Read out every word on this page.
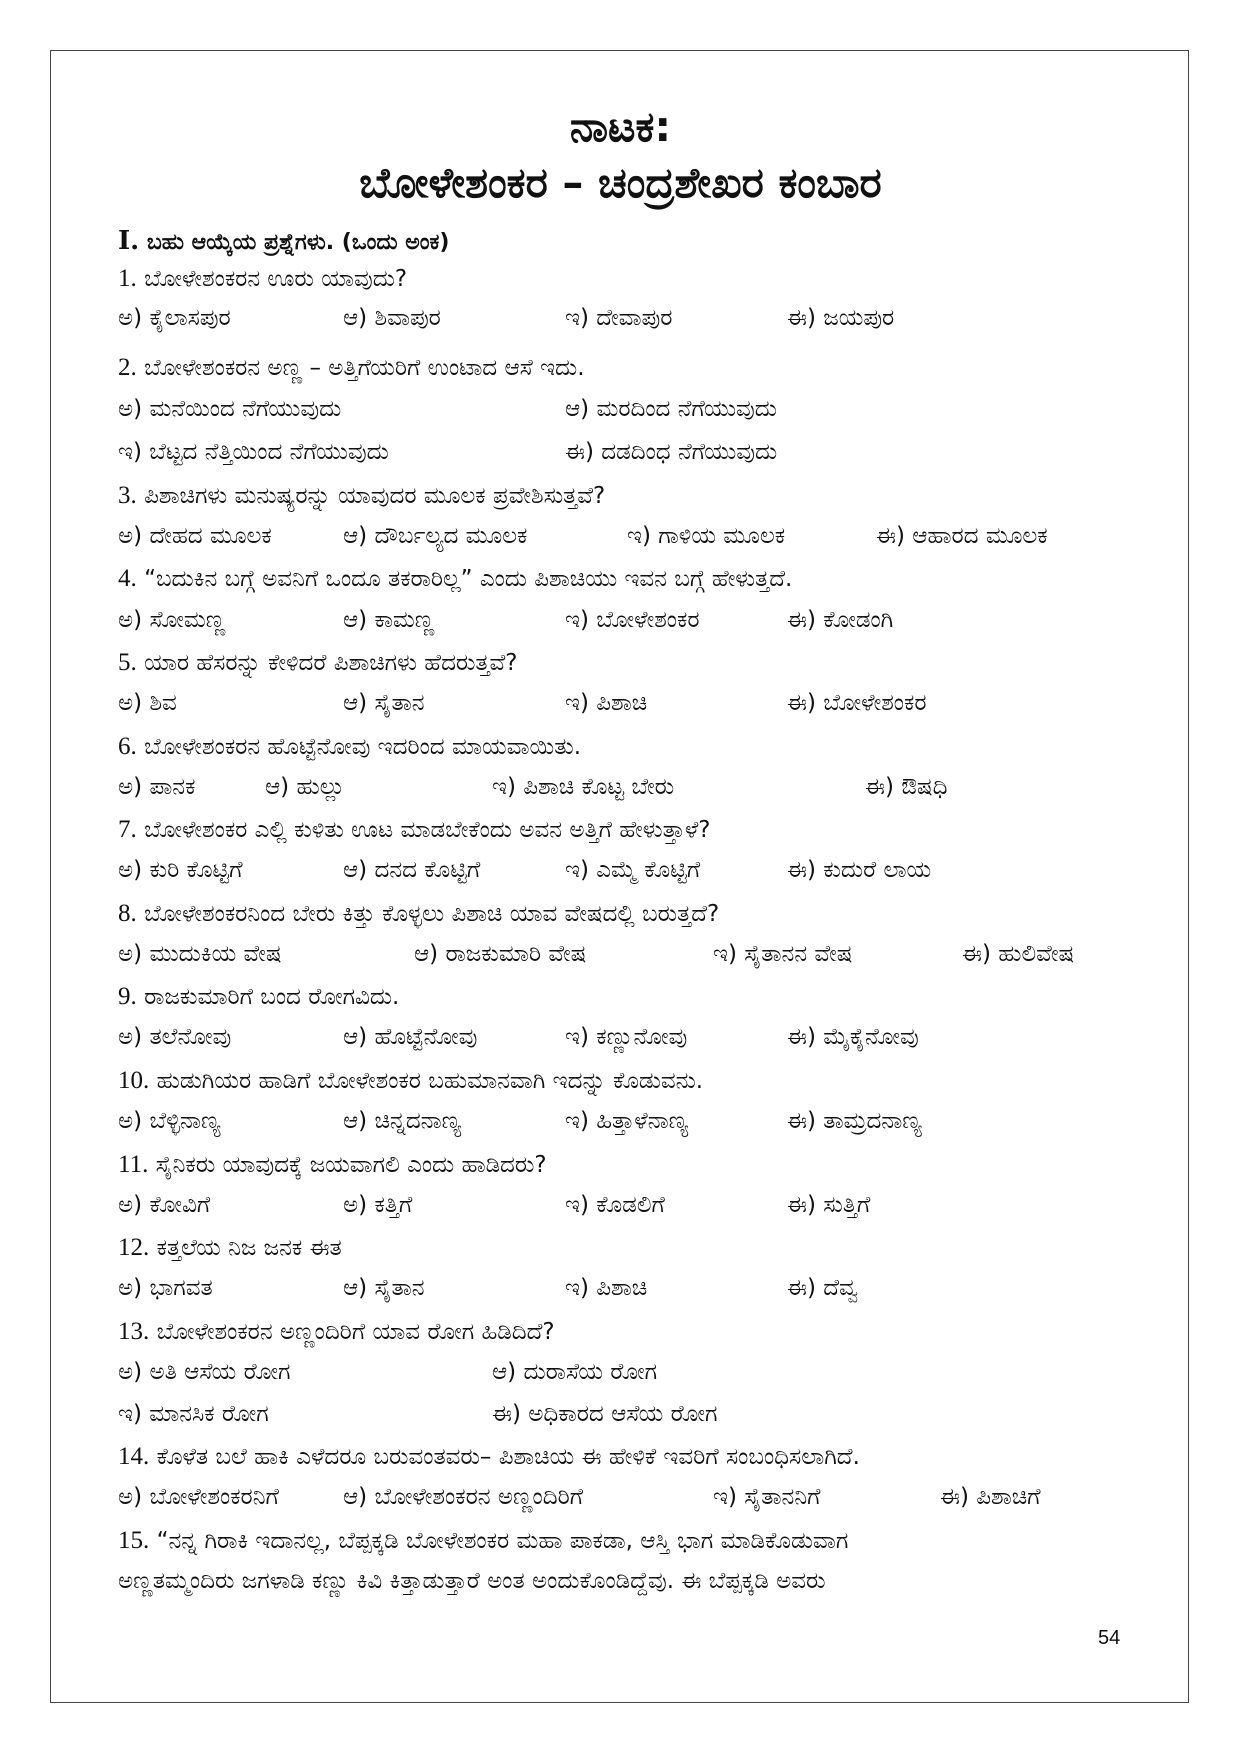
ನಾಟಕ:
ಬೋಳೇಶಂಕರ – ಚಂದ್ರಶೇಖರ ಕಂಬಾರ
I. ಬಹು ಆಯ್ಕೆಯ ಪ್ರಶ್ನೆಗಳು. (ಒಂದು ಅಂಕ)
1. ಬೋಳೇಶಂಕರನ ಊರು ಯಾವುದು?
ಅ) ಕೈಲಾಸಪುರ	ಆ) ಶಿವಾಪುರ	ಇ) ದೇವಾಪುರ	ಈ) ಜಯಪುರ
2. ಬೋಳೇಶಂಕರನ ಅಣ್ಣ – ಅತ್ತಿಗೆಯರಿಗೆ ಉಂಟಾದ ಆಸೆ ಇದು.
ಅ) ಮನೆಯಿಂದ ನೆಗೆಯುವುದು	ಆ) ಮರದಿಂದ ನೆಗೆಯುವುದು
ಇ) ಬೆಟ್ಟದ ನೆತ್ತಿಯಿಂದ ನೆಗೆಯುವುದು	ಈ) ದಡದಿಂಧ ನೆಗೆಯುವುದು
3. ಪಿಶಾಚಿಗಳು ಮನುಷ್ಯರನ್ನು ಯಾವುದರ ಮೂಲಕ ಪ್ರವೇಶಿಸುತ್ತವೆ?
ಅ) ದೇಹದ ಮೂಲಕ	ಆ) ದೌರ್ಬಲ್ಯದ ಮೂಲಕ	ಇ) ಗಾಳಿಯ ಮೂಲಕ	ಈ) ಆಹಾರದ ಮೂಲಕ
4. “ಬದುಕಿನ ಬಗ್ಗೆ ಅವನಿಗೆ ಒಂದೂ ತಕರಾರಿಲ್ಲ” ಎಂದು ಪಿಶಾಚಿಯು ಇವನ ಬಗ್ಗೆ ಹೇಳುತ್ತದೆ.
ಅ) ಸೋಮಣ್ಣ	ಆ) ಕಾಮಣ್ಣ	ಇ) ಬೋಳೇಶಂಕರ	ಈ) ಕೋಡಂಗಿ
5. ಯಾರ ಹೆಸರನ್ನು ಕೇಳಿದರೆ ಪಿಶಾಚಿಗಳು ಹೆದರುತ್ತವೆ?
ಅ) ಶಿವ	ಆ) ಸೈತಾನ	ಇ) ಪಿಶಾಚಿ	ಈ) ಬೋಳೇಶಂಕರ
6. ಬೋಳೇಶಂಕರನ ಹೊಟ್ಟೆನೋವು ಇದರಿಂದ ಮಾಯವಾಯಿತು.
ಅ) ಪಾನಕ	ಆ) ಹುಲ್ಲು	ಇ) ಪಿಶಾಚಿ ಕೊಟ್ಟ ಬೇರು	ಈ) ಔಷಧಿ
7. ಬೋಳೇಶಂಕರ ಎಲ್ಲಿ ಕುಳಿತು ಊಟ ಮಾಡಬೇಕೆಂದು ಅವನ ಅತ್ತಿಗೆ ಹೇಳುತ್ತಾಳೆ?
ಅ) ಕುರಿ ಕೊಟ್ಟಿಗೆ	ಆ) ದನದ ಕೊಟ್ಟಿಗೆ	ಇ) ಎಮ್ಮೆ ಕೊಟ್ಟಿಗೆ	ಈ) ಕುದುರೆ ಲಾಯ
8. ಬೋಳೇಶಂಕರನಿಂದ ಬೇರು ಕಿತ್ತು ಕೊಳ್ಳಲು ಪಿಶಾಚಿ ಯಾವ ವೇಷದಲ್ಲಿ ಬರುತ್ತದೆ?
ಅ) ಮುದುಕಿಯ ವೇಷ	ಆ) ರಾಜಕುಮಾರಿ ವೇಷ	ಇ) ಸೈತಾನನ ವೇಷ	ಈ) ಹುಲಿವೇಷ
9. ರಾಜಕುಮಾರಿಗೆ ಬಂದ ರೋಗವಿದು.
ಅ) ತಲೆನೋವು	ಆ) ಹೊಟ್ಟೆನೋವು	ಇ) ಕಣ್ಣುನೋವು	ಈ) ಮೈಕೈನೋವು
10. ಹುಡುಗಿಯರ ಹಾಡಿಗೆ ಬೋಳೇಶಂಕರ ಬಹುಮಾನವಾಗಿ ಇದನ್ನು ಕೊಡುವನು.
ಅ) ಬೆಳ್ಳಿನಾಣ್ಯ	ಆ) ಚಿನ್ನದನಾಣ್ಯ	ಇ) ಹಿತ್ತಾಳೆನಾಣ್ಯ	ಈ) ತಾಮ್ರದನಾಣ್ಯ
11. ಸೈನಿಕರು ಯಾವುದಕ್ಕೆ ಜಯವಾಗಲಿ ಎಂದು ಹಾಡಿದರು?
ಅ) ಕೋವಿಗೆ	ಅ) ಕತ್ತಿಗೆ	ಇ) ಕೊಡಲಿಗೆ	ಈ) ಸುತ್ತಿಗೆ
12. ಕತ್ತಲೆಯ ನಿಜ ಜನಕ ಈತ
ಅ) ಭಾಗವತ	ಆ) ಸೈತಾನ	ಇ) ಪಿಶಾಚಿ	ಈ) ದೆವ್ವ
13. ಬೋಳೇಶಂಕರನ ಅಣ್ಣಂದಿರಿಗೆ ಯಾವ ರೋಗ ಹಿಡಿದಿದೆ?
ಅ) ಅತಿ ಆಸೆಯ ರೋಗ	ಆ) ದುರಾಸೆಯ ರೋಗ
ಇ) ಮಾನಸಿಕ ರೋಗ	ಈ) ಅಧಿಕಾರದ ಆಸೆಯ ರೋಗ
14. ಕೊಳೆತ ಬಲೆ ಹಾಕಿ ಎಳೆದರೂ ಬರುವಂತವರು– ಪಿಶಾಚಿಯ ಈ ಹೇಳಿಕೆ ಇವರಿಗೆ ಸಂಬಂಧಿಸಲಾಗಿದೆ.
ಅ) ಬೋಳೇಶಂಕರನಿಗೆ	ಆ) ಬೋಳೇಶಂಕರನ ಅಣ್ಣಂದಿರಿಗೆ	ಇ) ಸೈತಾನನಿಗೆ	ಈ) ಪಿಶಾಚಿಗೆ
15. “ನನ್ನ ಗಿರಾಕಿ ಇದಾನಲ್ಲ, ಬೆಪ್ಪಕ್ಕಡಿ ಬೋಳೇಶಂಕರ ಮಹಾ ಪಾಕಡಾ, ಆಸ್ತಿ ಭಾಗ ಮಾಡಿಕೊಡುವಾಗ
ಅಣ್ಣತಮ್ಮಂದಿರು ಜಗಳಾಡಿ ಕಣ್ಣು ಕಿವಿ ಕಿತ್ತಾಡುತ್ತಾರೆ ಅಂತ ಅಂದುಕೊಂಡಿದ್ದೆವು. ಈ ಬೆಪ್ಪಕ್ಕಡಿ ಅವರು
54
